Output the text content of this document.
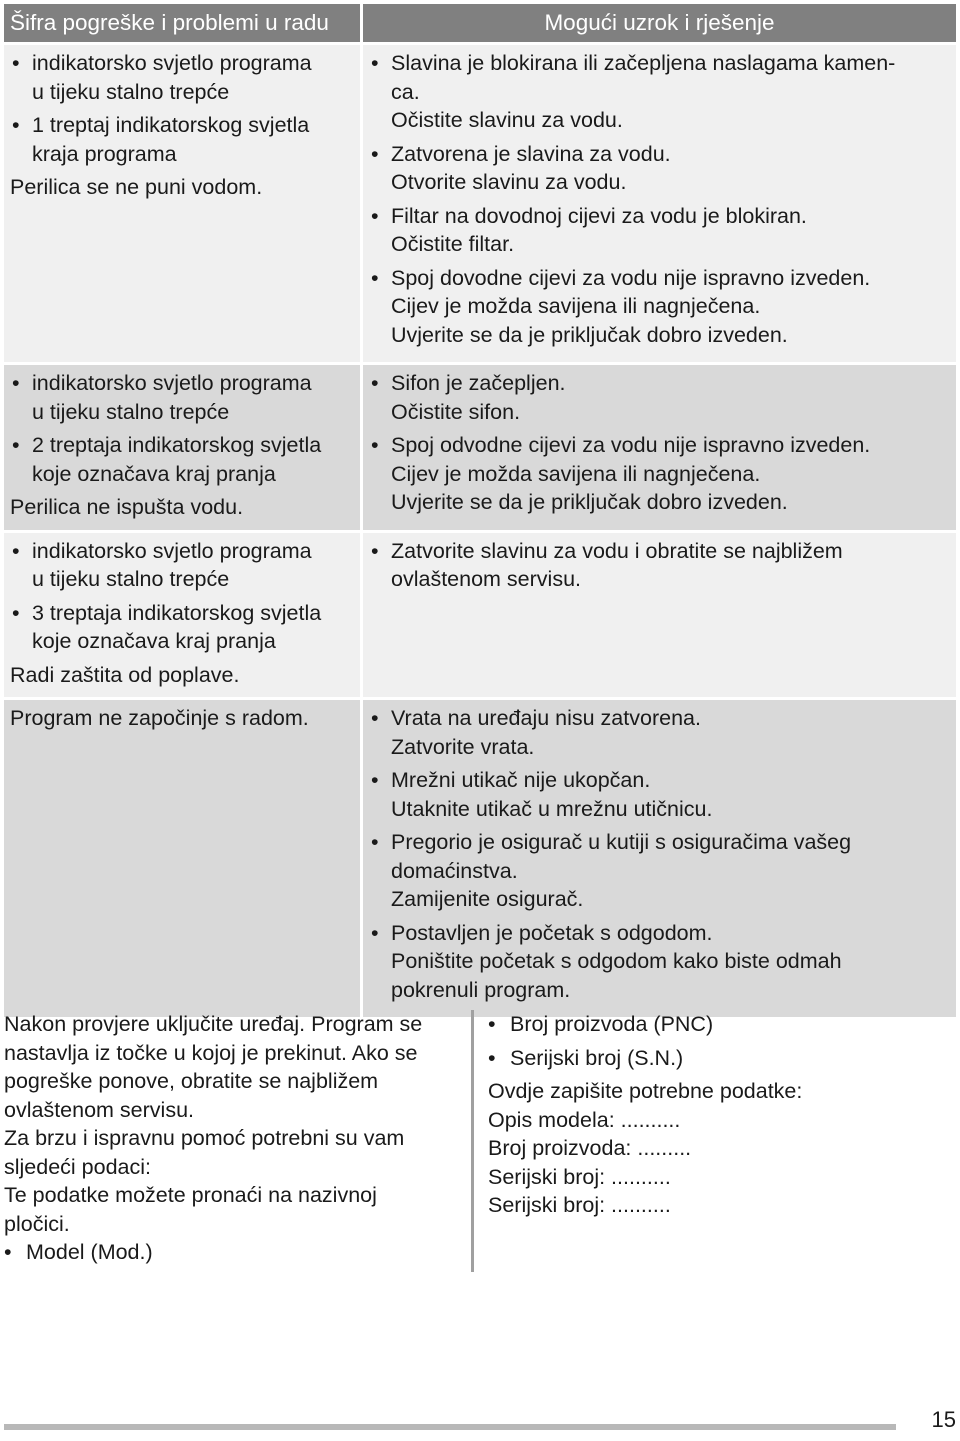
Šifra pogreške i problemi u radu	Mogući uzrok i rješenje
• indikatorsko svjetlo programa
u tijeku stalno trepće
• 1 treptaj indikatorskog svjetla
kraja programa
Perilica se ne puni vodom.
• Slavina je blokirana ili začepljena naslagama kamen-
ca.
Očistite slavinu za vodu.
• Zatvorena je slavina za vodu.
Otvorite slavinu za vodu.
• Filtar na dovodnoj cijevi za vodu je blokiran.
Očistite filtar.
• Spoj dovodne cijevi za vodu nije ispravno izveden.
Cijev je možda savijena ili nagnječena.
Uvjerite se da je priključak dobro izveden.
• indikatorsko svjetlo programa
u tijeku stalno trepće
• 2 treptaja indikatorskog svjetla
koje označava kraj pranja
Perilica ne ispušta vodu.
• Sifon je začepljen.
Očistite sifon.
• Spoj odvodne cijevi za vodu nije ispravno izveden.
Cijev je možda savijena ili nagnječena.
Uvjerite se da je priključak dobro izveden.
• indikatorsko svjetlo programa
u tijeku stalno trepće
• 3 treptaja indikatorskog svjetla
koje označava kraj pranja
Radi zaštita od poplave.
• Zatvorite slavinu za vodu i obratite se najbližem
ovlaštenom servisu.
Program ne započinje s radom.
•	Vrata na uređaju nisu zatvorena.
Zatvorite vrata.
• Mrežni utikač nije ukopčan.
Utaknite utikač u mrežnu utičnicu.
• Pregorio je osigurač u kutiji s osiguračima vašeg
domaćinstva.
Zamijenite osigurač.
• Postavljen je početak s odgodom.
Poništite početak s odgodom kako biste odmah
pokrenuli program.
Nakon provjere uključite uređaj. Program se
nastavlja iz točke u kojoj je prekinut. Ako se
pogreške ponove, obratite se najbližem
ovlaštenom servisu.
Za brzu i ispravnu pomoć potrebni su vam
sljedeći podaci:
Te podatke možete pronaći na nazivnoj
pločici.
• Model (Mod.)
• Broj proizvoda (PNC)
• Serijski broj (S.N.)
Ovdje zapišite potrebne podatke:
Opis modela: ..........
Broj proizvoda: .........
Serijski broj: ..........
Serijski broj: ..........
15
